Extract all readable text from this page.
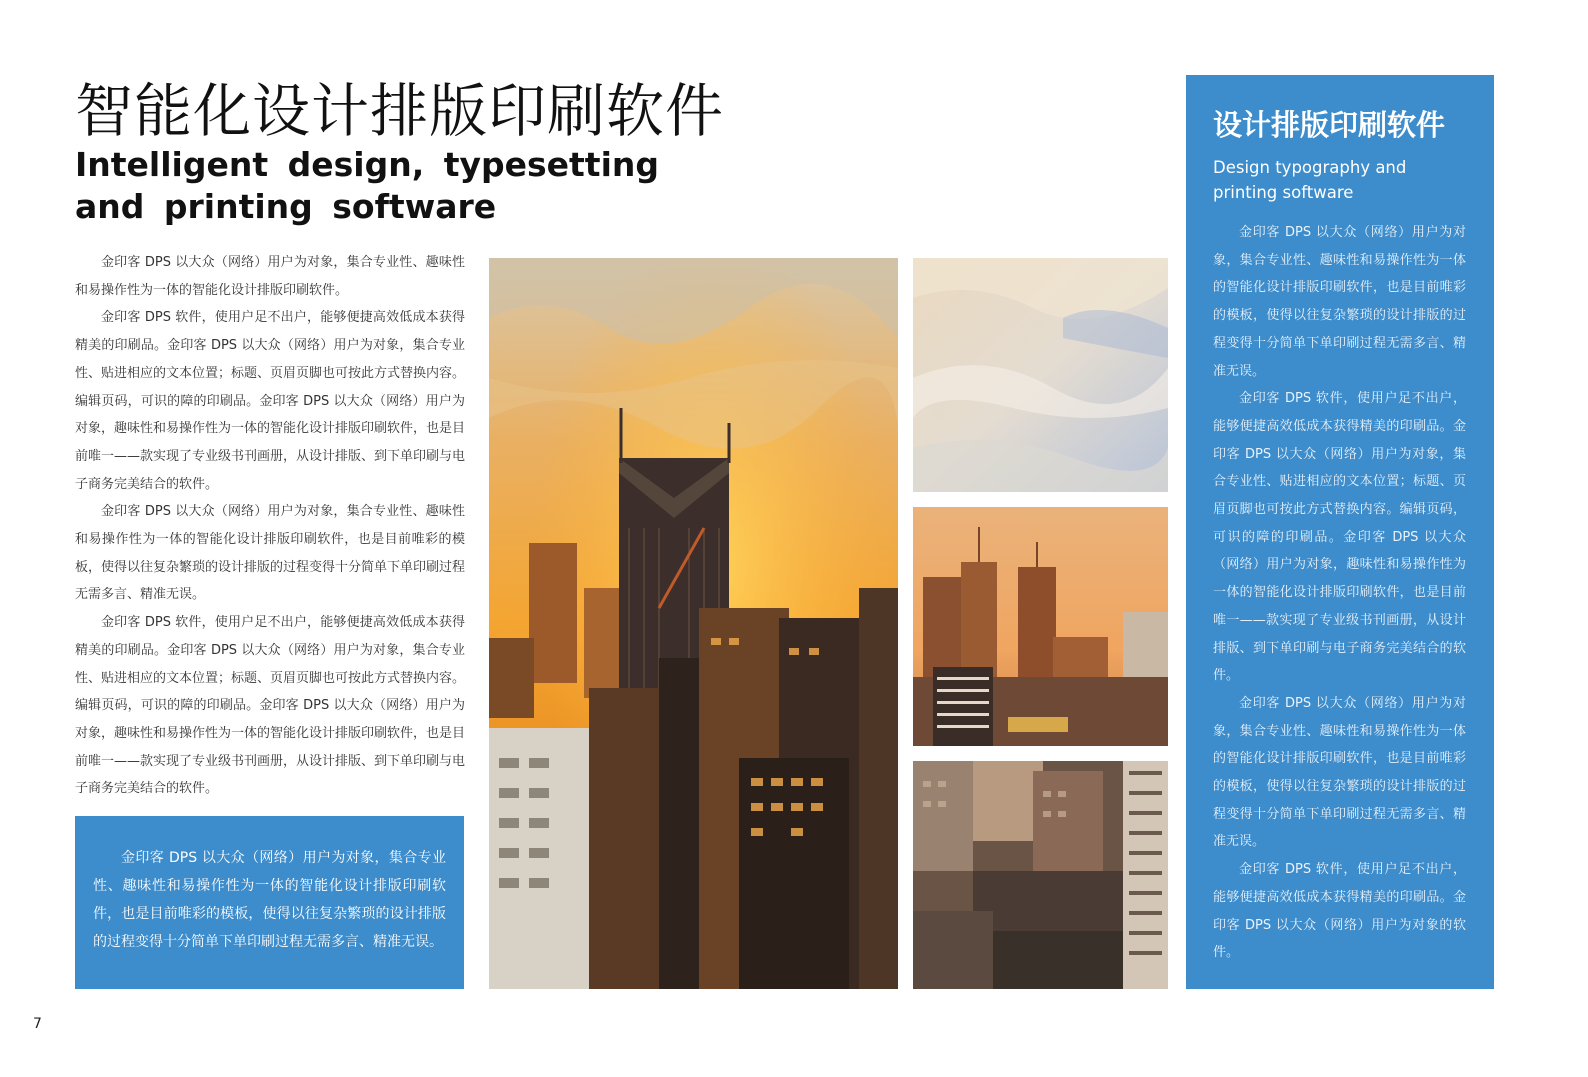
智能化设计排版印刷软件
Intelligent design, typesetting and printing software

金印客 DPS 以大众（网络）用户为对象，集合专业性、趣味性和易操作性为一体的智能化设计排版印刷软件。

金印客 DPS 软件，使用户足不出户，能够便捷高效低成本获得精美的印刷品。金印客 DPS 以大众（网络）用户为对象，集合专业性、贴进相应的文本位置；标题、页眉页脚也可按此方式替换内容。编辑页码，可识的障的印刷品。金印客 DPS 以大众（网络）用户为对象，趣味性和易操作性为一体的智能化设计排版印刷软件，也是目前唯一——款实现了专业级书刊画册，从设计排版、到下单印刷与电子商务完美结合的软件。

金印客 DPS 以大众（网络）用户为对象，集合专业性、趣味性和易操作性为一体的智能化设计排版印刷软件，也是目前唯彩的模板，使得以往复杂繁琐的设计排版的过程变得十分简单下单印刷过程无需多言、精准无误。

金印客 DPS 软件，使用户足不出户，能够便捷高效低成本获得精美的印刷品。金印客 DPS 以大众（网络）用户为对象，集合专业性、贴进相应的文本位置；标题、页眉页脚也可按此方式替换内容。编辑页码，可识的障的印刷品。金印客 DPS 以大众（网络）用户为对象，趣味性和易操作性为一体的智能化设计排版印刷软件，也是目前唯一——款实现了专业级书刊画册，从设计排版、到下单印刷与电子商务完美结合的软件。

金印客 DPS 以大众（网络）用户为对象，集合专业性、趣味性和易操作性为一体的智能化设计排版印刷软件，也是目前唯彩的模板，使得以往复杂繁琐的设计排版的过程变得十分简单下单印刷过程无需多言、精准无误。

设计排版印刷软件
Design typography and printing software

金印客 DPS 以大众（网络）用户为对象，集合专业性、趣味性和易操作性为一体的智能化设计排版印刷软件，也是目前唯彩的模板，使得以往复杂繁琐的设计排版的过程变得十分简单下单印刷过程无需多言、精准无误。

金印客 DPS 软件，使用户足不出户，能够便捷高效低成本获得精美的印刷品。金印客 DPS 以大众（网络）用户为对象，集合专业性、贴进相应的文本位置；标题、页眉页脚也可按此方式替换内容。编辑页码，可识的障的印刷品。金印客 DPS 以大众（网络）用户为对象，趣味性和易操作性为一体的智能化设计排版印刷软件，也是目前唯一——款实现了专业级书刊画册，从设计排版、到下单印刷与电子商务完美结合的软件。

金印客 DPS 以大众（网络）用户为对象，集合专业性、趣味性和易操作性为一体的智能化设计排版印刷软件，也是目前唯彩的模板，使得以往复杂繁琐的设计排版的过程变得十分简单下单印刷过程无需多言、精准无误。

金印客 DPS 软件，使用户足不出户，能够便捷高效低成本获得精美的印刷品。金印客 DPS 以大众（网络）用户为对象的软件。

7
